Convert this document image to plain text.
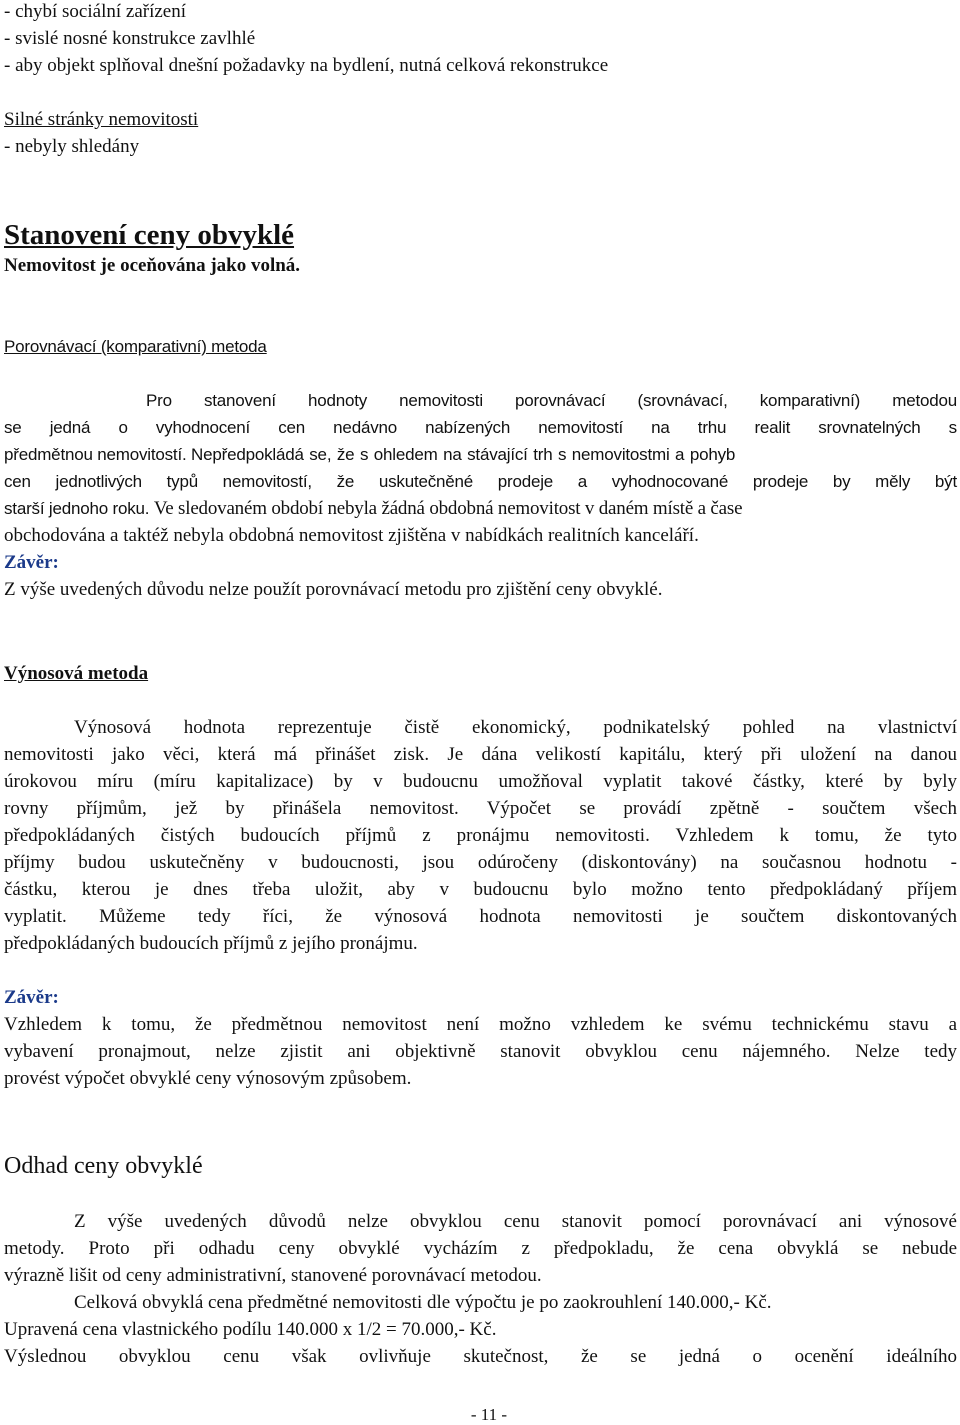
- chybí sociální zařízení
- svislé nosné konstrukce zavlhlé
- aby objekt splňoval dnešní požadavky na bydlení, nutná celková rekonstrukce
Silné stránky nemovitosti
- nebyly shledány
Stanovení ceny obvyklé
Nemovitost je oceňována jako volná.
Porovnávací (komparativní) metoda
Pro stanovení hodnoty nemovitosti porovnávací (srovnávací, komparativní) metodou
se jedná o vyhodnocení cen nedávno nabízených nemovitostí na trhu realit srovnatelných s
předmětnou nemovitostí. Nepředpokládá se, že s ohledem na stávající trh s nemovitostmi a pohyb
cen jednotlivých typů nemovitostí, že uskutečněné prodeje a vyhodnocované prodeje by měly být
starší jednoho roku. Ve sledovaném období nebyla žádná obdobná nemovitost v daném místě a čase
obchodována a taktéž nebyla obdobná nemovitost zjištěna v nabídkách realitních kanceláří.
Závěr:
Z výše uvedených důvodu nelze použít porovnávací metodu pro zjištění ceny obvyklé.
Výnosová metoda
Výnosová hodnota reprezentuje čistě ekonomický, podnikatelský pohled na vlastnictví
nemovitosti jako věci, která má přinášet zisk. Je dána velikostí kapitálu, který při uložení na danou
úrokovou míru (míru kapitalizace) by v budoucnu umožňoval vyplatit takové částky, které by byly
rovny příjmům, jež by přinášela nemovitost. Výpočet se provádí zpětně - součtem všech
předpokládaných čistých budoucích příjmů z pronájmu nemovitosti. Vzhledem k tomu, že tyto
příjmy budou uskutečněny v budoucnosti, jsou odúročeny (diskontovány) na současnou hodnotu -
částku, kterou je dnes třeba uložit, aby v budoucnu bylo možno tento předpokládaný příjem
vyplatit. Můžeme tedy říci, že výnosová hodnota nemovitosti je součtem diskontovaných
předpokládaných budoucích příjmů z jejího pronájmu.
Závěr:
Vzhledem k tomu, že předmětnou nemovitost není možno vzhledem ke svému technickému stavu a
vybavení pronajmout, nelze zjistit ani objektivně stanovit obvyklou cenu nájemného. Nelze tedy
provést výpočet obvyklé ceny výnosovým způsobem.
Odhad ceny obvyklé
Z výše uvedených důvodů nelze obvyklou cenu stanovit pomocí porovnávací ani výnosové
metody. Proto při odhadu ceny obvyklé vycházím z předpokladu, že cena obvyklá se nebude
výrazně lišit od ceny administrativní, stanovené porovnávací metodou.
Celková obvyklá cena předmětné nemovitosti dle výpočtu je po zaokrouhlení 140.000,- Kč.
Upravená cena vlastnického podílu 140.000 x 1/2 = 70.000,- Kč.
Výslednou obvyklou cenu však ovlivňuje skutečnost, že se jedná o ocenění ideálního
- 11 -
